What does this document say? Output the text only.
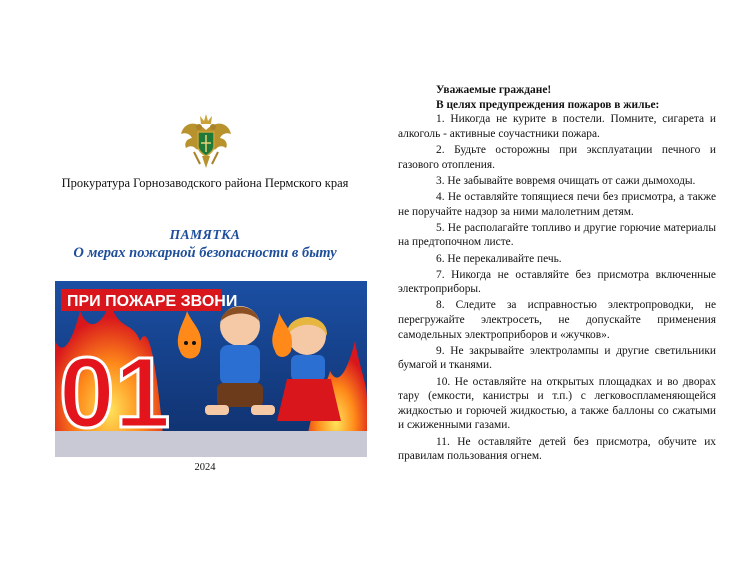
Прокуратура Горнозаводского района Пермского края
ПАМЯТКА
О мерах пожарной безопасности в быту
ПРИ ПОЖАРЕ ЗВОНИ
01
2024
Уважаемые граждане!
В целях предупреждения пожаров в жилье:

1. Никогда не курите в постели. Помните, сигарета и алкоголь - активные соучастники пожара.

2. Будьте осторожны при эксплуатации печного и газового отопления.

3. Не забывайте вовремя очищать от сажи дымоходы.

4. Не оставляйте топящиеся печи без присмотра, а также не поручайте надзор за ними малолетним детям.

5. Не располагайте топливо и другие горючие материалы на предтопочном листе.

6. Не перекаливайте печь.

7. Никогда не оставляйте без присмотра включенные электроприборы.

8. Следите за исправностью электропроводки, не перегружайте электросеть, не допускайте применения самодельных электроприборов и «жучков».

9. Не закрывайте электролампы и другие светильники бумагой и тканями.

10. Не оставляйте на открытых площадках и во дворах тару (емкости, канистры и т.п.) с легковоспламеняющейся жидкостью и горючей жидкостью, а также баллоны со сжатыми и сжиженными газами.

11. Не оставляйте детей без присмотра, обучите их правилам пользования огнем.
